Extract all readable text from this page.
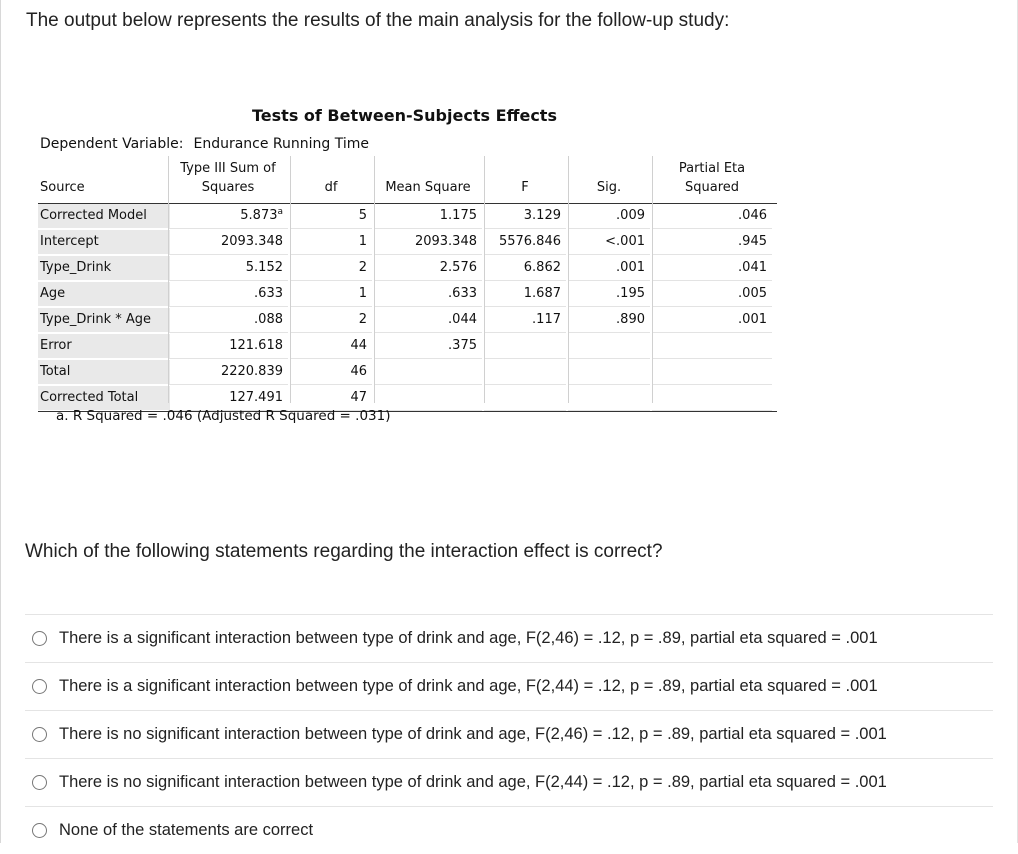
The output below represents the results of the main analysis for the follow-up study:
Tests of Between-Subjects Effects
Dependent Variable: Endurance Running Time
Source
Type III Sum of
Squares	df	Mean Square	F	Sig.
Partial Eta
Squared
Corrected Model	5.873$^a$	5	1.175	3.129	.009	.046
Intercept	2093.348	1	2093.348	5576.846	<.001	.945
Type_Drink	5.152	2	2.576	6.862	.001	.041
Age	.633	1	.633	1.687	.195	.005
Type_Drink * Age	.088	2	.044	.117	.890	.001
Error	121.618	44	.375
Total	2220.839	46
Corrected Total	127.491	47
a. R Squared = .046 (Adjusted R Squared = .031)
Which of the following statements regarding the interaction effect is correct?
There is a significant interaction between type of drink and age, F(2,46) = .12, p = .89, partial eta squared = .001
There is a significant interaction between type of drink and age, F(2,44) = .12, p = .89, partial eta squared = .001
There is no significant interaction between type of drink and age, F(2,46) = .12, p = .89, partial eta squared = .001
There is no significant interaction between type of drink and age, F(2,44) = .12, p = .89, partial eta squared = .001
None of the statements are correct
